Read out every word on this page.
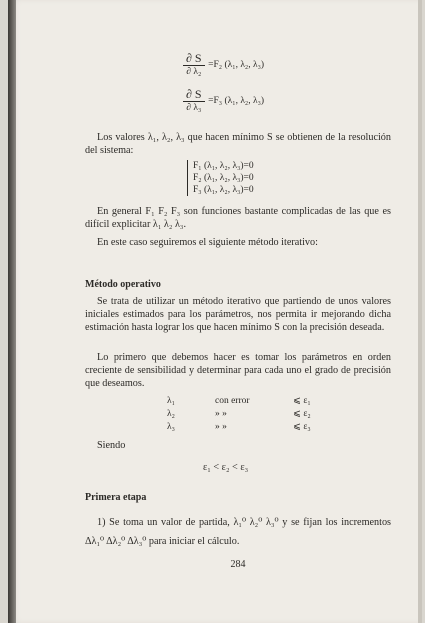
$\frac{\partial S}{\text{∂ λ₂}} =F_2$ (λ₁, λ₂, λ₃)
$\frac{\partial S}{\text{∂ λ₃}} =F_3$ (λ₁, λ₂, λ₃)
Los valores λ₁, λ₂, λ₃ que hacen mínimo S se obtienen de la resolución del sistema:
F₁ (λ₁, λ₂, λ₃)=0
F₂ (λ₁, λ₂, λ₃)=0
F₃ (λ₁, λ₂, λ₃)=0
En general F₁ F₂ F₃ son funciones bastante complicadas de las que es difícil explicitar λ₁ λ₂ λ₃.
En este caso seguiremos el siguiente método iterativo:
Método operativo
Se trata de utilizar un método iterativo que partiendo de unos valores iniciales estimados para los parámetros, nos permita ir mejorando dicha estimación hasta lograr los que hacen mínimo S con la precisión deseada.
Lo primero que debemos hacer es tomar los parámetros en orden creciente de sensibilidad y determinar para cada uno el grado de precisión que deseamos.
λ₁	con error	⩽ ε₁
λ₂	» »	⩽ ε₂
λ₃	» »	⩽ ε₃
Siendo
ε₁ < ε₂ < ε₃
Primera etapa
1) Se toma un valor de partida, λ₁⁰ λ₂⁰ λ₃⁰ y se fijan los incrementos Δλ₁⁰ Δλ₂⁰ Δλ₃⁰ para iniciar el cálculo.
284
